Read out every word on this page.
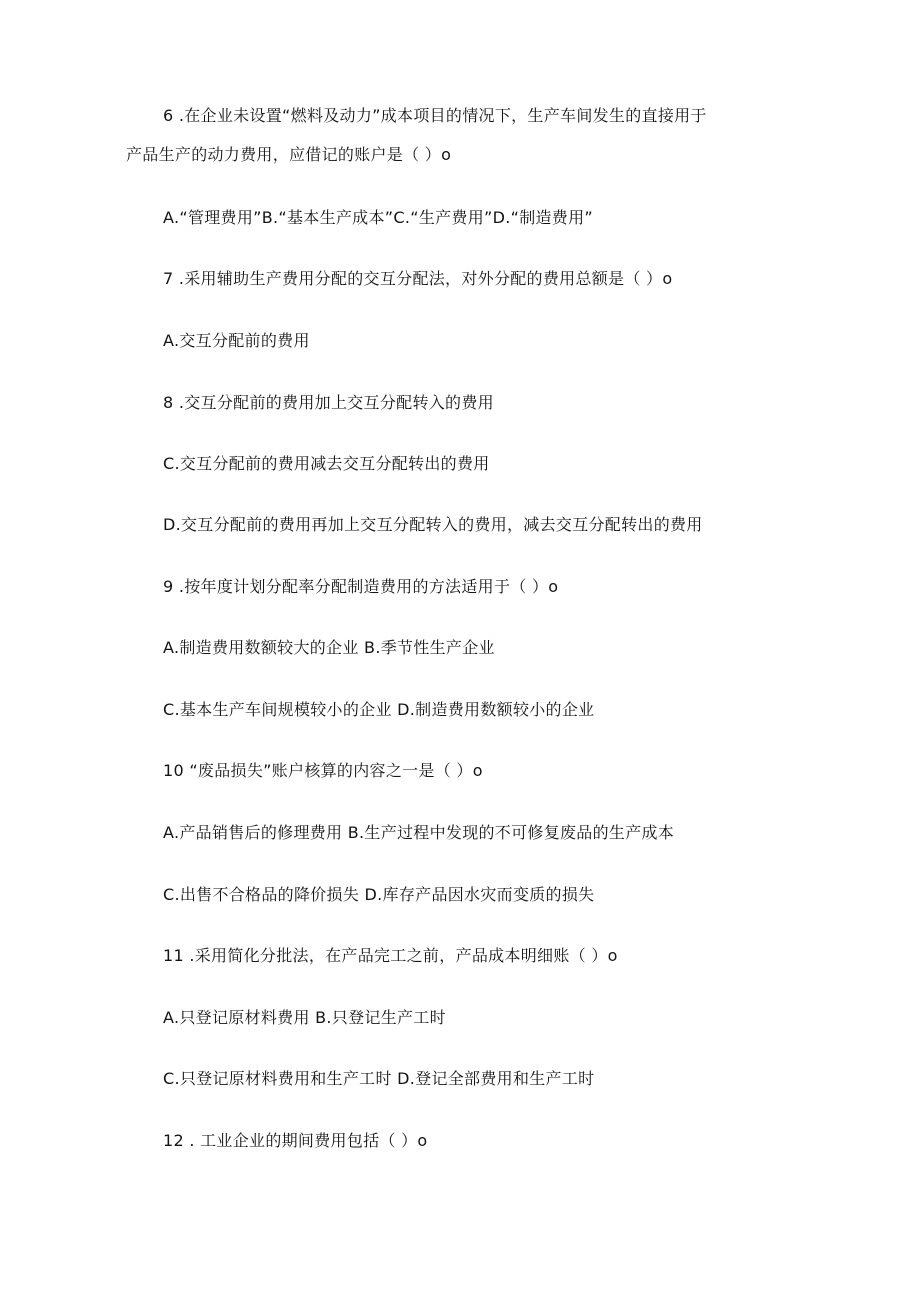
6 .在企业未设置“燃料及动力”成本项目的情况下，生产车间发生的直接用于
产品生产的动力费用，应借记的账户是（ ）o
A.“管理费用”B.“基本生产成本”C.“生产费用”D.“制造费用”
7 .采用辅助生产费用分配的交互分配法，对外分配的费用总额是（ ）o
A.交互分配前的费用
8 .交互分配前的费用加上交互分配转入的费用
C.交互分配前的费用减去交互分配转出的费用
D.交互分配前的费用再加上交互分配转入的费用，减去交互分配转出的费用
9 .按年度计划分配率分配制造费用的方法适用于（ ）o
A.制造费用数额较大的企业 B.季节性生产企业
C.基本生产车间规模较小的企业 D.制造费用数额较小的企业
10 “废品损失”账户核算的内容之一是（ ）o
A.产品销售后的修理费用 B.生产过程中发现的不可修复废品的生产成本
C.出售不合格品的降价损失 D.库存产品因水灾而变质的损失
11 .采用简化分批法，在产品完工之前，产品成本明细账（ ）o
A.只登记原材料费用 B.只登记生产工时
C.只登记原材料费用和生产工时 D.登记全部费用和生产工时
12 . 工业企业的期间费用包括（ ）o
